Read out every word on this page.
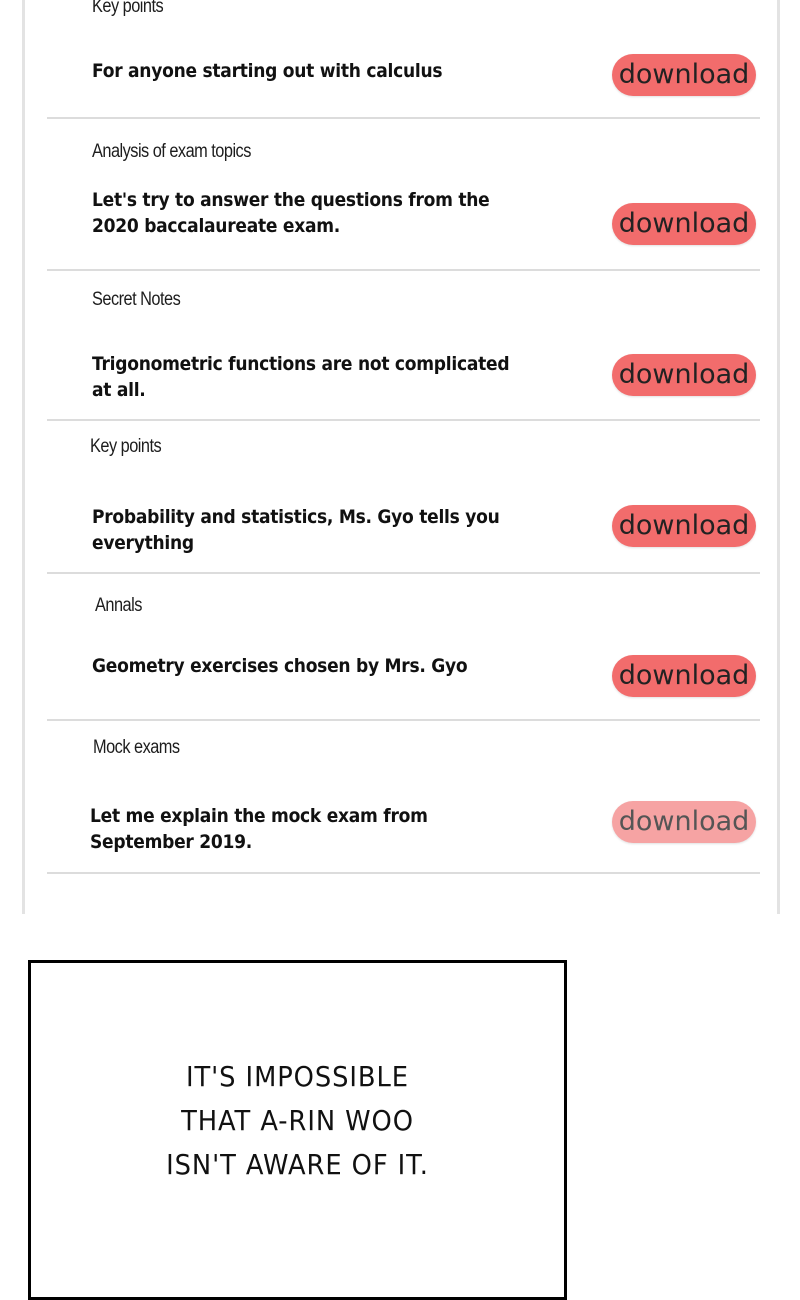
Key points
For anyone starting out with calculus	download
Analysis of exam topics
Let's try to answer the questions from the 2020 baccalaureate exam.	download
Secret Notes
Trigonometric functions are not complicated at all.	download
Key points
Probability and statistics, Ms. Gyo tells you everything
download
Annals
Geometry exercises chosen by Mrs. Gyo	download
Mock exams
Let me explain the mock exam from September 2019.
download
IT'S IMPOSSIBLE
THAT A-RIN WOO
ISN'T AWARE OF IT.
